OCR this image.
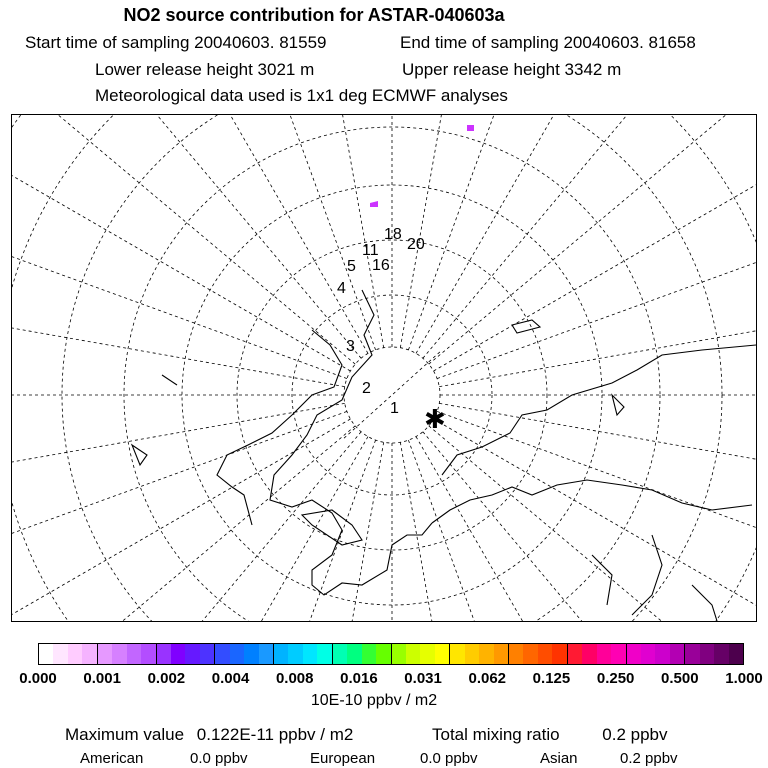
NO2 source contribution for ASTAR-040603a
Start time of sampling 20040603. 81559	End time of sampling 20040603. 81658
Lower release height 3021 m	Upper release height 3342 m
Meteorological data used is 1x1 deg ECMWF analyses
1
2
3
4
5
11
18
20
16
✱
0.000 0.001 0.002 0.004 0.008 0.016 0.031 0.062 0.125 0.250 0.500 1.000
10E-10 ppbv / m2
Maximum value 0.122E-11 ppbv / m2	Total mixing ratio	0.2 ppbv
American	0.0 ppbv	European	0.0 ppbv	Asian	0.2 ppbv
